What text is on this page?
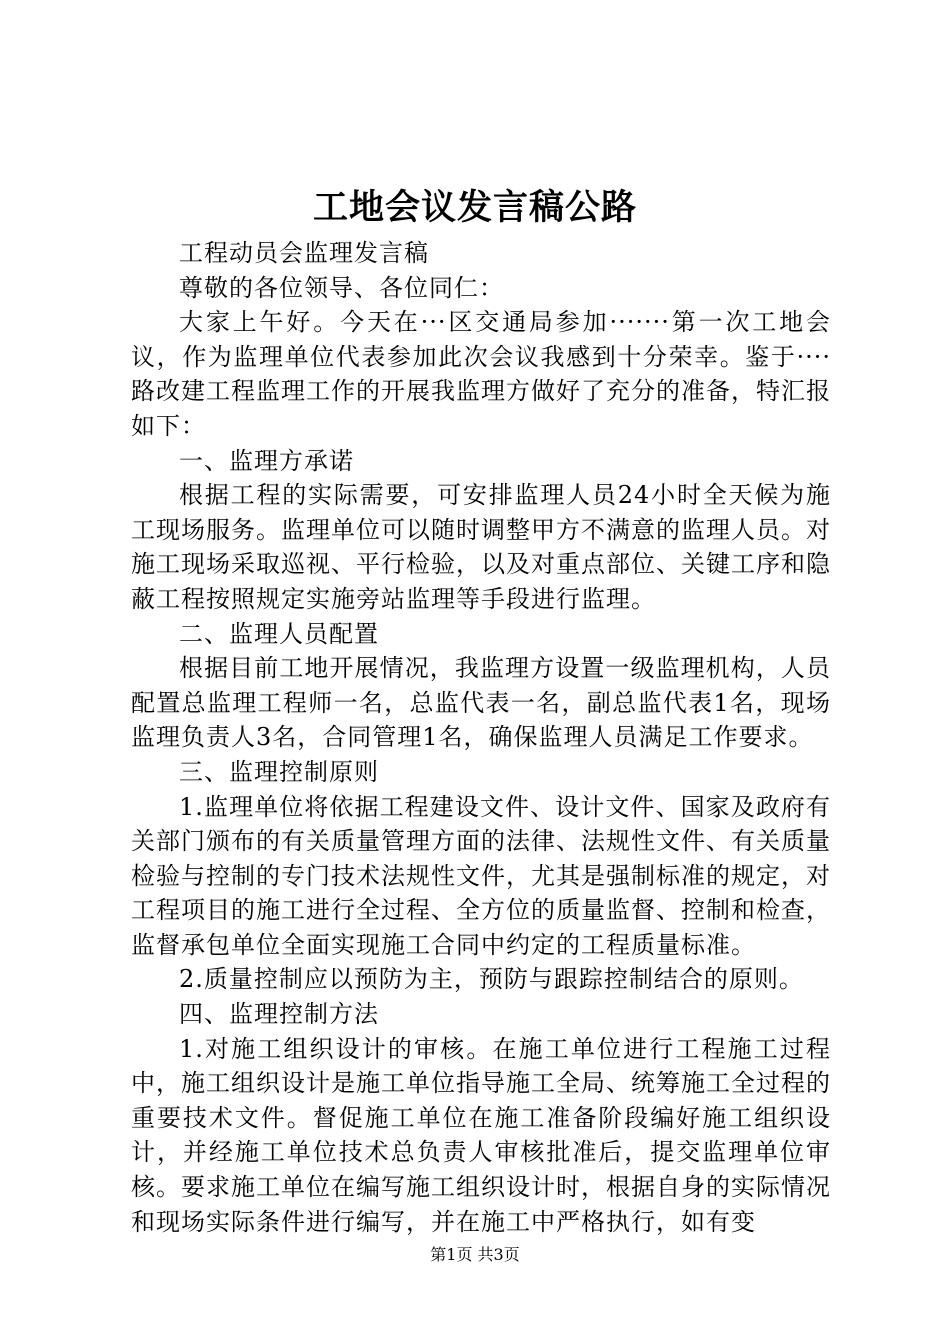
工地会议发言稿公路

工程动员会监理发言稿

尊敬的各位领导、各位同仁：

大家上午好。今天在···区交通局参加·······第一次工地会议，作为监理单位代表参加此次会议我感到十分荣幸。鉴于····路改建工程监理工作的开展我监理方做好了充分的准备，特汇报如下：

一、监理方承诺

根据工程的实际需要，可安排监理人员24小时全天候为施工现场服务。监理单位可以随时调整甲方不满意的监理人员。对施工现场采取巡视、平行检验，以及对重点部位、关键工序和隐蔽工程按照规定实施旁站监理等手段进行监理。

二、监理人员配置

根据目前工地开展情况，我监理方设置一级监理机构，人员配置总监理工程师一名，总监代表一名，副总监代表1名，现场监理负责人3名，合同管理1名，确保监理人员满足工作要求。

三、监理控制原则

1.监理单位将依据工程建设文件、设计文件、国家及政府有关部门颁布的有关质量管理方面的法律、法规性文件、有关质量检验与控制的专门技术法规性文件，尤其是强制标准的规定，对工程项目的施工进行全过程、全方位的质量监督、控制和检查，监督承包单位全面实现施工合同中约定的工程质量标准。

2.质量控制应以预防为主，预防与跟踪控制结合的原则。

四、监理控制方法

1.对施工组织设计的审核。在施工单位进行工程施工过程中，施工组织设计是施工单位指导施工全局、统筹施工全过程的重要技术文件。督促施工单位在施工准备阶段编好施工组织设计，并经施工单位技术总负责人审核批准后，提交监理单位审核。要求施工单位在编写施工组织设计时，根据自身的实际情况和现场实际条件进行编写，并在施工中严格执行，如有变

第1页 共3页
